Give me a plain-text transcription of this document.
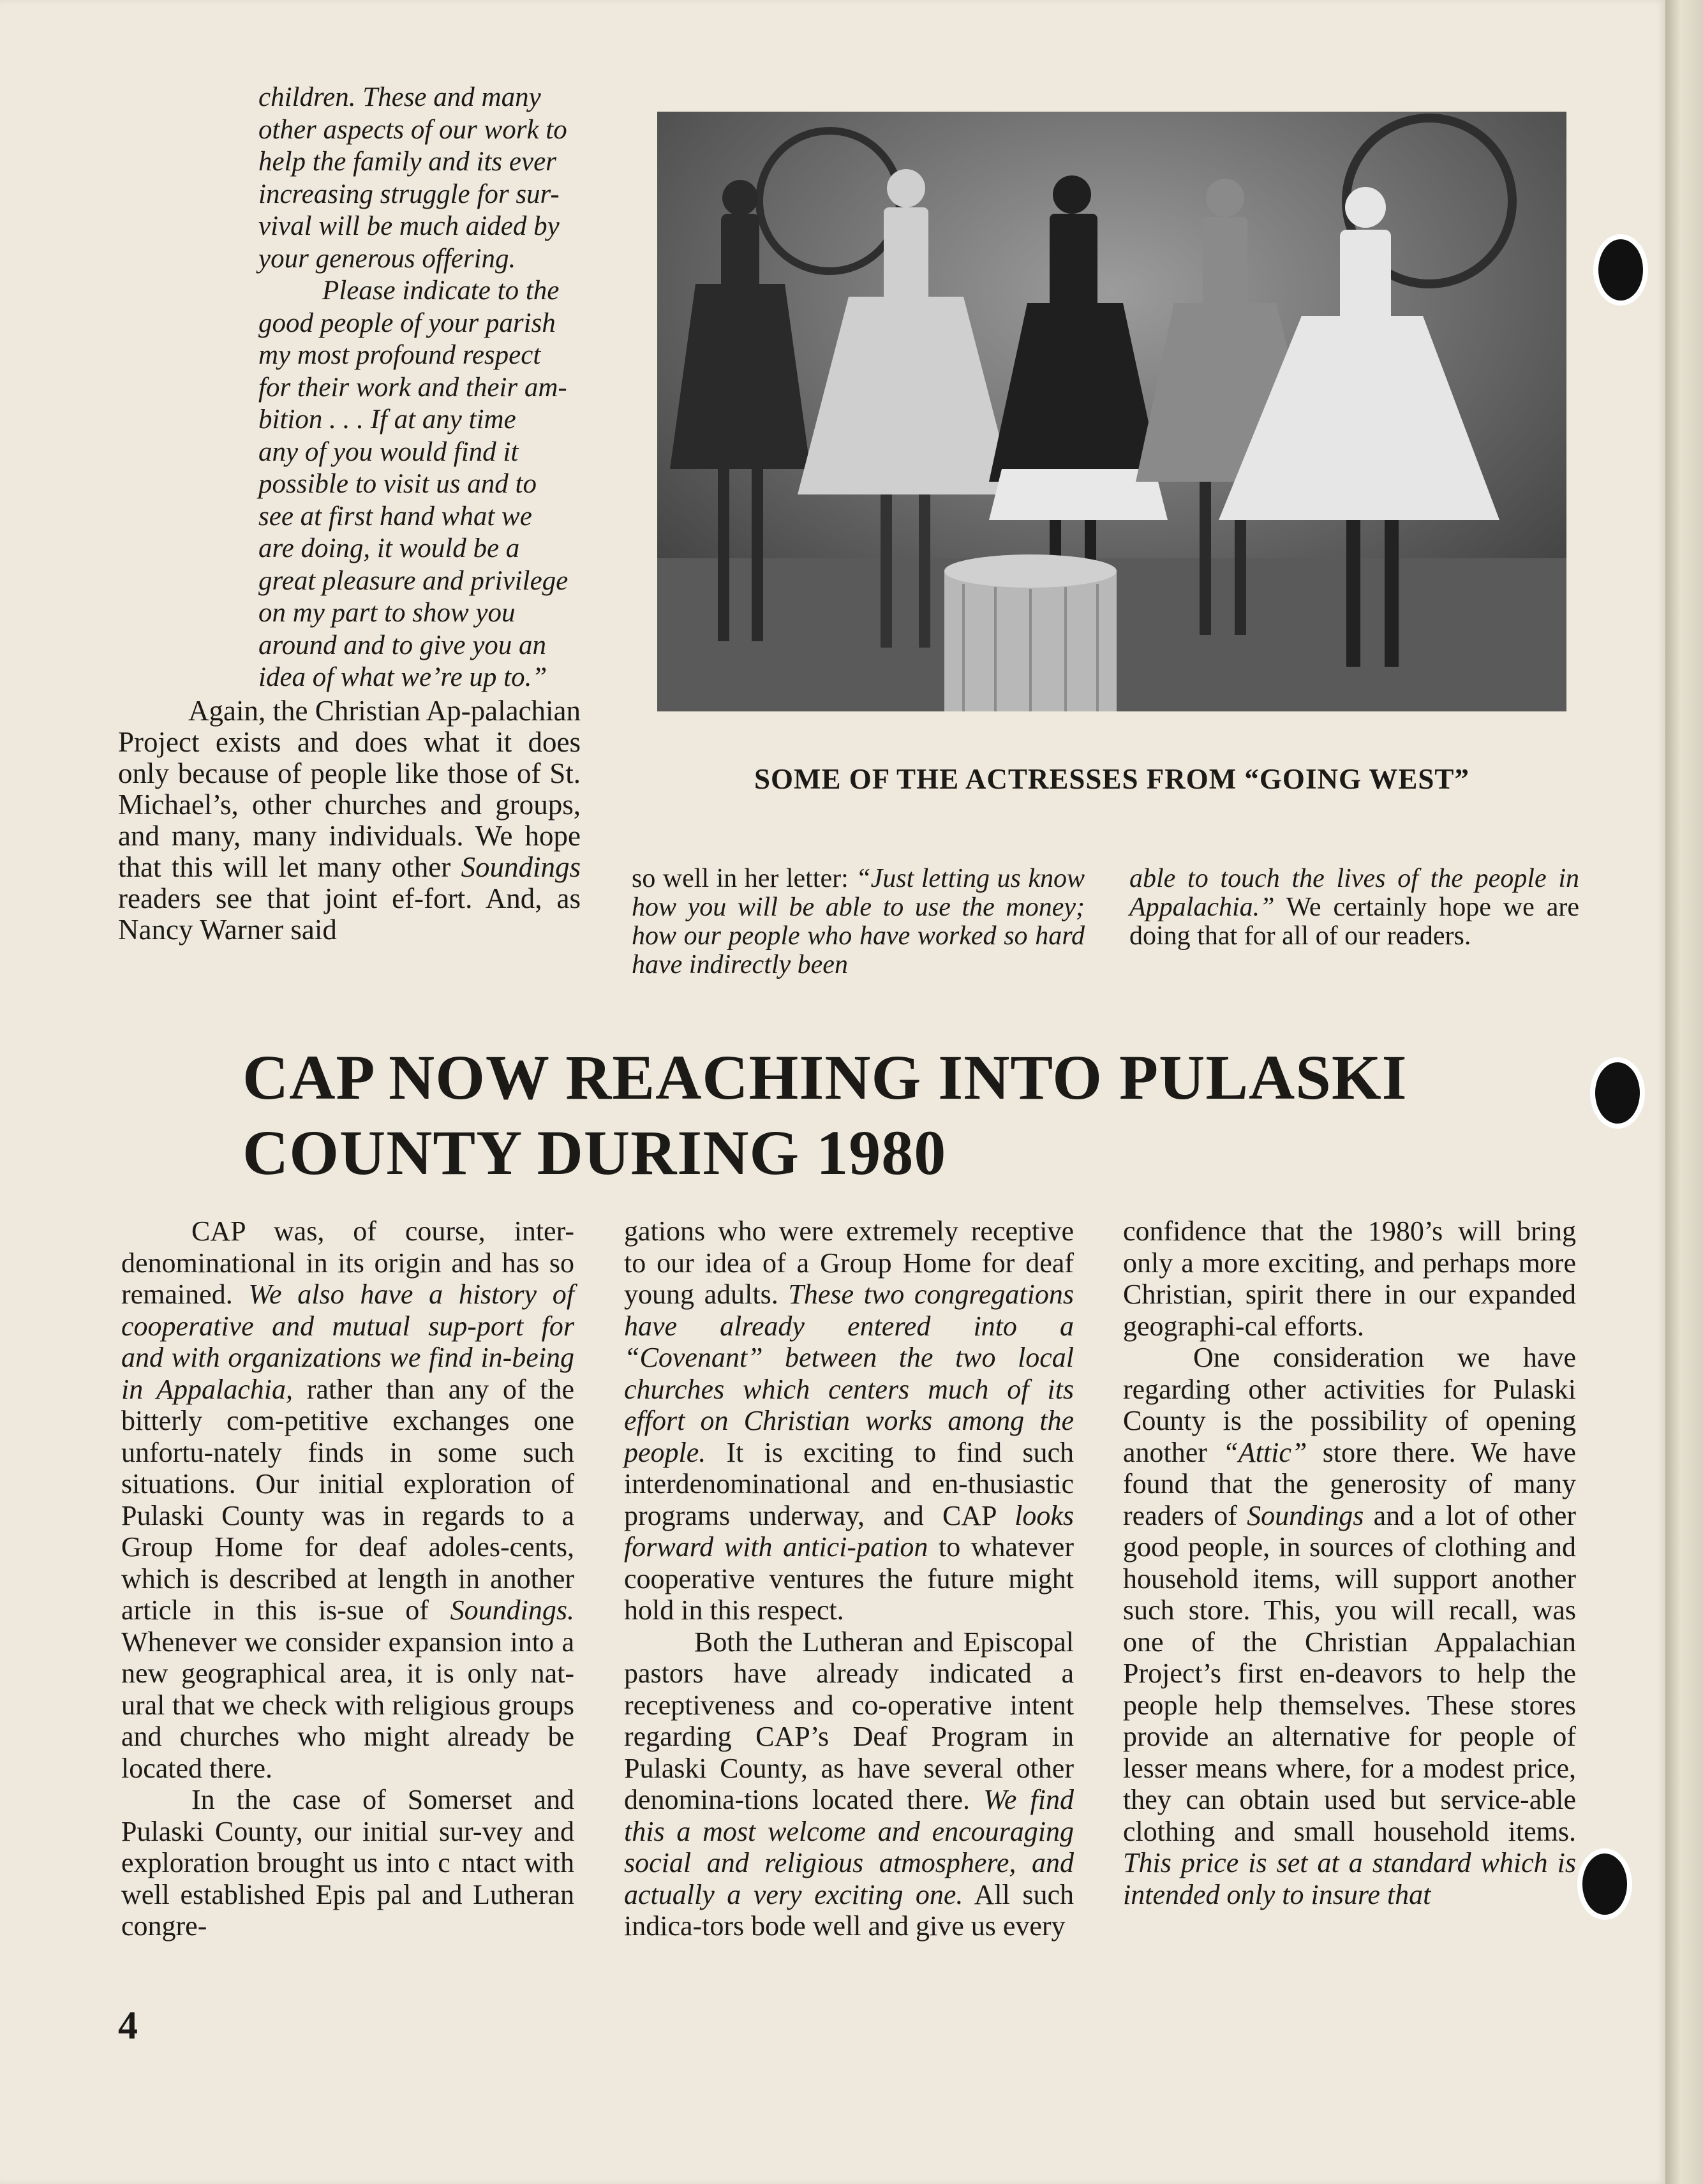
children. These and many
other aspects of our work to
help the family and its ever
increasing struggle for sur-
vival will be much aided by
your generous offering.
Please indicate to the
good people of your parish
my most profound respect
for their work and their am-
bition . . . If at any time
any of you would find it
possible to visit us and to
see at first hand what we
are doing, it would be a
great pleasure and privilege
on my part to show you
around and to give you an
idea of what we’re up to.”

Again, the Christian Ap-palachian Project exists and does what it does only because of people like those of St. Michael’s, other churches and groups, and many, many individuals. We hope that this will let many other Soundings readers see that joint ef-fort. And, as Nancy Warner said

SOME OF THE ACTRESSES FROM “GOING WEST”

so well in her letter: “Just letting us know how you will be able to use the money; how our people who have worked so hard have indirectly been

able to touch the lives of the people in Appalachia.” We certainly hope we are doing that for all of our readers.

CAP NOW REACHING INTO PULASKI
COUNTY DURING 1980

CAP was, of course, inter-denominational in its origin and has so remained. We also have a history of cooperative and mutual sup-port for and with organizations we find in-being in Appalachia, rather than any of the bitterly com-petitive exchanges one unfortu-nately finds in some such situations. Our initial exploration of Pulaski County was in regards to a Group Home for deaf adoles-cents, which is described at length in another article in this is-sue of Soundings. Whenever we consider expansion into a new geographical area, it is only nat-ural that we check with religious groups and churches who might already be located there.

In the case of Somerset and Pulaski County, our initial sur-vey and exploration brought us into c  ntact with well established Epis  pal and Lutheran congre-

gations who were extremely receptive to our idea of a Group Home for deaf young adults. These two congregations have already entered into a “Covenant” between the two local churches which centers much of its effort on Christian works among the people. It is exciting to find such interdenominational and en-thusiastic programs underway, and CAP looks forward with antici-pation to whatever cooperative ventures the future might hold in this respect.

Both the Lutheran and Episcopal pastors have already indicated a receptiveness and co-operative intent regarding CAP’s Deaf Program in Pulaski County, as have several other denomina-tions located there. We find this a most welcome and encouraging social and religious atmosphere, and actually a very exciting one. All such indica-tors bode well and give us every

confidence that the 1980’s will bring only a more exciting, and perhaps more Christian, spirit there in our expanded geographi-cal efforts.

One consideration we have regarding other activities for Pulaski County is the possibility of opening another “Attic” store there. We have found that the generosity of many readers of Soundings and a lot of other good people, in sources of clothing and household items, will support another such store. This, you will recall, was one of the Christian Appalachian Project’s first en-deavors to help the people help themselves. These stores provide an alternative for people of lesser means where, for a modest price, they can obtain used but service-able clothing and small household items. This price is set at a standard which is intended only to insure that

4
